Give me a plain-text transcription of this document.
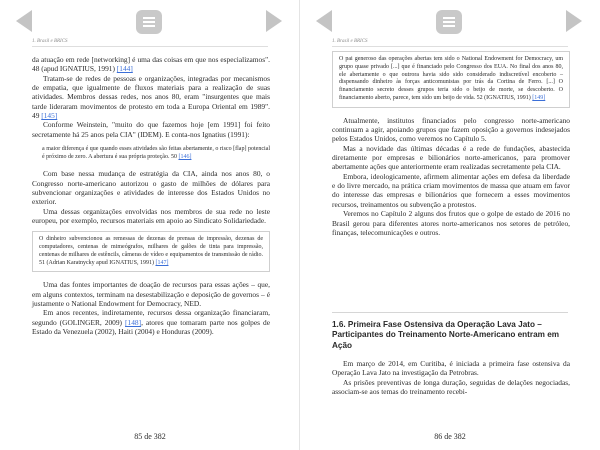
1. Brasil e BRICS

da atuação em rede [networking] é uma das coisas em que nos especializamos". 48 (apud IGNATIUS, 1991) [144]

Tratam-se de redes de pessoas e organizações, integradas por mecanismos de empatia, que igualmente de fluxos materiais para a realização de suas atividades. Membros dessas redes, nos anos 80, eram "insurgentes que mais tarde lideraram movimentos de protesto em toda a Europa Oriental em 1989". 49 [145]

Conforme Weinstein, "muito do que fazemos hoje [em 1991] foi feito secretamente há 25 anos pela CIA" (IDEM). E conta-nos Ignatius (1991):

a maior diferença é que quando esses atividades são feitas abertamente, o risco [flap] potencial é próximo de zero. A abertura é sua própria proteção. 50 [146]

Com base nessa mudança de estratégia da CIA, ainda nos anos 80, o Congresso norte-americano autorizou o gasto de milhões de dólares para subvencionar organizações e atividades de interesse dos Estados Unidos no exterior.

Uma dessas organizações envolvidas nos membros de sua rede no leste europeu, por exemplo, recursos materiais em apoio ao Sindicato Solidariedade.

O dinheiro subvencionou as remessas de dezenas de prensas de impressão, dezenas de computadores, centenas de mimeógrafos, milhares de galões de tinta para impressão, centenas de milhares de estêncils, câmeras de vídeo e equipamentos de transmissão de rádio. 51 (Adrian Karatnycky apud IGNATIUS, 1991) [147]

Uma das fontes importantes de doação de recursos para essas ações – que, em alguns contextos, terminam na desestabilização e deposição de governos – é justamente o National Endowment for Democracy, NED.

Em anos recentes, indiretamente, recursos dessa organização financiaram, segundo (GOLINGER, 2009) [148], atores que tomaram parte nos golpes de Estado da Venezuela (2002), Haiti (2004) e Honduras (2009).

85 de 382
1. Brasil e BRICS
O pai generoso das operações abertas tem sido o National Endowment for Democracy, um grupo quase privado [...] que é financiado pelo Congresso dos EUA. No final dos anos 80, ele abertamente o que outrora havia sido sido considerado indiscretível encoberto – dispensando dinheiro às forças anticomunistas por trás da Cortina de Ferro. [...] O financiamento secreto desses grupos teria sido o beijo de morte, se descoberto. O financiamento aberto, parece, tem sido um beijo de vida. 52 (IGNATIUS, 1991) [149]

Atualmente, institutos financiados pelo congresso norte-americano continuam a agir, apoiando grupos que fazem oposição a governos indesejados pelos Estados Unidos, como veremos no Capítulo 5.

Mas a novidade das últimas décadas é a rede de fundações, abastecida diretamente por empresas e bilionários norte-americanos, para promover abertamente ações que anteriormente eram realizadas secretamente pela CIA.

Embora, ideologicamente, afirmem alimentar ações em defesa da liberdade e do livre mercado, na prática criam movimentos de massa que atuam em favor do interesse das empresas e bilionários que fornecem a esses movimentos recursos, treinamentos ou subvenção a protestos.

Veremos no Capítulo 2 alguns dos frutos que o golpe de estado de 2016 no Brasil gerou para diferentes atores norte-americanos nos setores de petróleo, finanças, telecomunicações e outros.

1.6. Primeira Fase Ostensiva da Operação Lava Jato – Participantes do Treinamento Norte-Americano entram em Ação

Em março de 2014, em Curitiba, é iniciada a primeira fase ostensiva da Operação Lava Jato na investigação da Petrobras.

As prisões preventivas de longa duração, seguidas de delações negociadas, associam-se aos temas do treinamento recebi-

86 de 382
